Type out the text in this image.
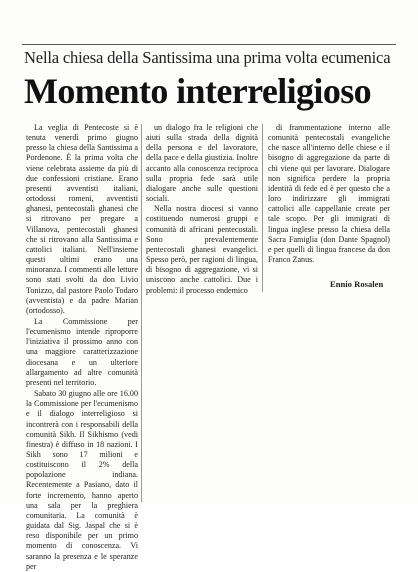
Nella chiesa della Santissima una prima volta ecumenica
Momento interreligioso

La veglia di Pentecoste si è tenuta venerdì primo giugno presso la chiesa della Santissima a Pordenone. È la prima volta che viene celebrata assieme da più di due confessioni cristiane. Erano presenti avventisti italiani, ortodossi romeni, avventisti ghanesi, pentecostali ghanesi che si ritrovano per pregare a Villanova, pentecostali ghanesi che si ritrovano alla Santissima e cattolici italiani. Nell'insieme questi ultimi erano una minoranza. I commenti alle letture sono stati svolti da don Livio Tonizzo, dal pastore Paolo Todaro (avventista) e da padre Marian (ortodosso).

La Commissione per l'ecumenismo intende riproporre l'iniziativa il prossimo anno con una maggiore caratterizzazione diocesana e un ulteriore allargamento ad altre comunità presenti nel territorio.

Sabato 30 giugno alle ore 16.00 la Commissione per l'ecumenismo e il dialogo interreligioso si incontrerà con i responsabili della comunità Sikh. Il Sikhismo (vedi finestra) è diffuso in 18 nazioni. I Sikh sono 17 milioni e costituiscono il 2% della popolazione indiana. Recentemente a Pasiano, dato il forte incremento, hanno aperto una sala per la preghiera comunitaria. La comunità è guidata dal Sig. Jaspal che si è reso disponibile per un primo momento di conoscenza. Vi saranno la presenza e le speranze per

un dialogo fra le religioni che aiuti sulla strada della dignità della persona e del lavoratore, della pace e della giustizia. Inoltre accanto alla conoscenza reciproca sulla propria fede sarà utile dialogare anche sulle questioni sociali.

Nella nostra diocesi si vanno costituendo numerosi gruppi e comunità di africani pentecostali. Sono prevalentemente pentecostali ghanesi evangelici. Spesso però, per ragioni di lingua, di bisogno di aggregazione, vi si uniscono anche cattolici. Due i problemi: il processo endemico

di frammentazione interno alle comunità pentecostali evangeliche che nasce all'interno delle chiese e il bisogno di aggregazione da parte di chi viene qui per lavorare. Dialogare non significa perdere la propria identità di fede ed è per questo che a loro indirizzare gli immigrati cattolici alle cappellanie create per tale scopo. Per gli immigrati di lingua inglese presso la chiesa della Sacra Famiglia (don Dante Spagnol) e per quelli di lingua francese da don Franco Zanus.

Ennio Rosalen
